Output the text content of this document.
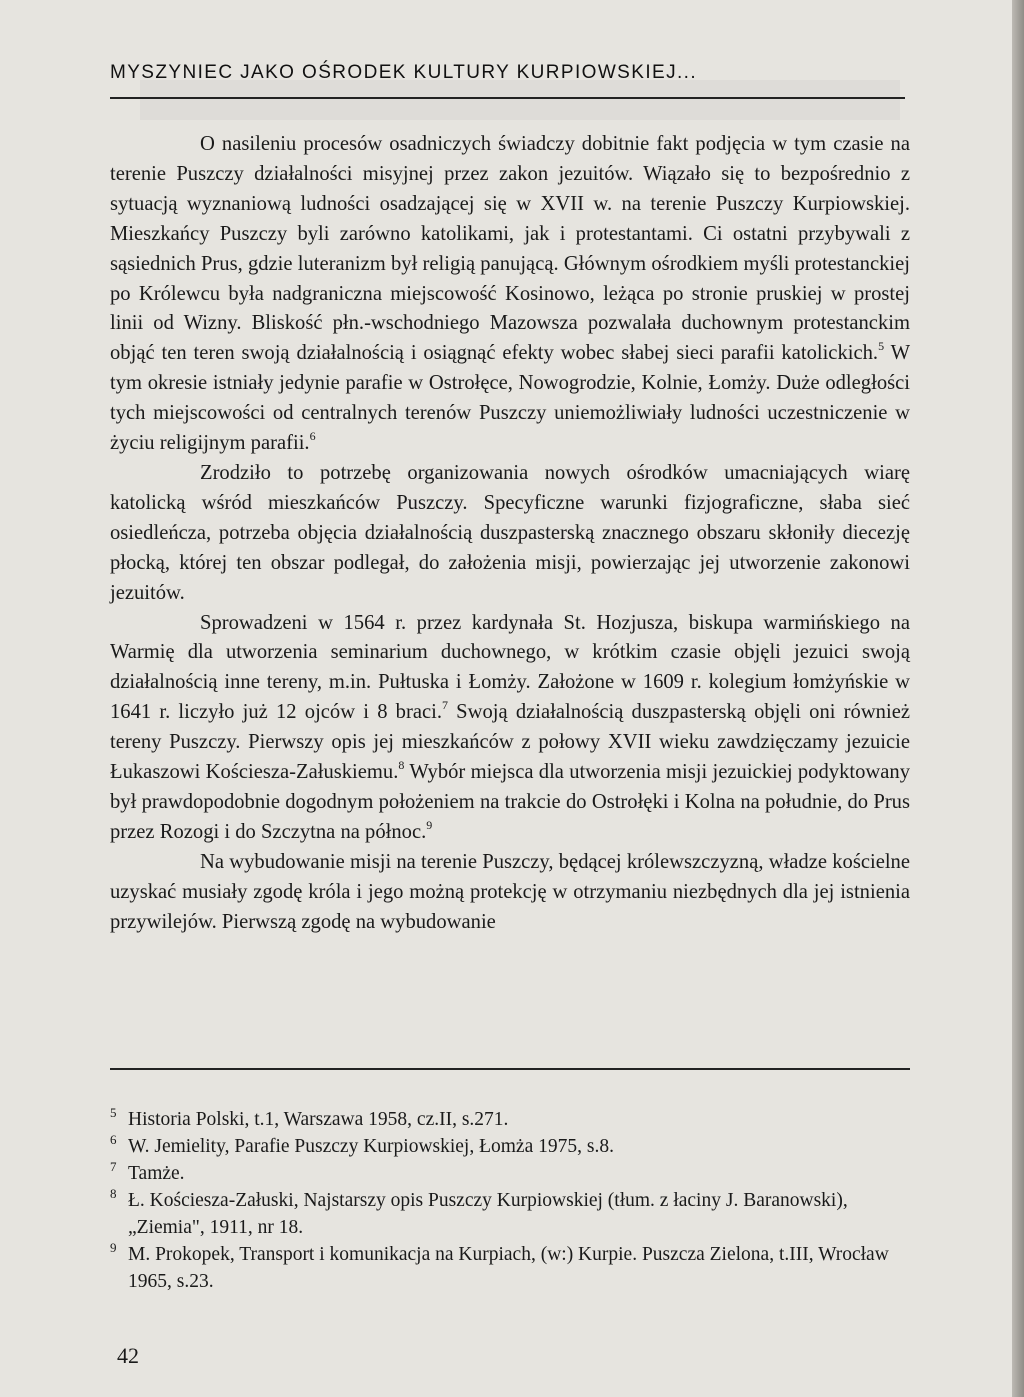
MYSZYNIEC JAKO OŚRODEK KULTURY KURPIOWSKIEJ...

O nasileniu procesów osadniczych świadczy dobitnie fakt podjęcia w tym czasie na terenie Puszczy działalności misyjnej przez zakon jezuitów. Wiązało się to bezpośrednio z sytuacją wyznaniową ludności osadzającej się w XVII w. na terenie Puszczy Kurpiowskiej. Mieszkańcy Puszczy byli zarówno katolikami, jak i protestantami. Ci ostatni przybywali z sąsiednich Prus, gdzie luteranizm był religią panującą. Głównym ośrodkiem myśli protestanckiej po Królewcu była nadgraniczna miejscowość Kosinowo, leżąca po stronie pruskiej w prostej linii od Wizny. Bliskość płn.-wschodniego Mazowsza pozwalała duchownym protestanckim objąć ten teren swoją działalnością i osiągnąć efekty wobec słabej sieci parafii katolickich.$^5$ W tym okresie istniały jedynie parafie w Ostrołęce, Nowogrodzie, Kolnie, Łomży. Duże odległości tych miejscowości od centralnych terenów Puszczy uniemożliwiały ludności uczestniczenie w życiu religijnym parafii.$^6$

Zrodziło to potrzebę organizowania nowych ośrodków umacniających wiarę katolicką wśród mieszkańców Puszczy. Specyficzne warunki fizjograficzne, słaba sieć osiedleńcza, potrzeba objęcia działalnością duszpasterską znacznego obszaru skłoniły diecezję płocką, której ten obszar podlegał, do założenia misji, powierzając jej utworzenie zakonowi jezuitów.

Sprowadzeni w 1564 r. przez kardynała St. Hozjusza, biskupa warmińskiego na Warmię dla utworzenia seminarium duchownego, w krótkim czasie objęli jezuici swoją działalnością inne tereny, m.in. Pułtuska i Łomży. Założone w 1609 r. kolegium łomżyńskie w 1641 r. liczyło już 12 ojców i 8 braci.$^7$ Swoją działalnością duszpasterską objęli oni również tereny Puszczy. Pierwszy opis jej mieszkańców z połowy XVII wieku zawdzięczamy jezuicie Łukaszowi Kościesza-Załuskiemu.$^8$ Wybór miejsca dla utworzenia misji jezuickiej podyktowany był prawdopodobnie dogodnym położeniem na trakcie do Ostrołęki i Kolna na południe, do Prus przez Rozogi i do Szczytna na północ.$^9$

Na wybudowanie misji na terenie Puszczy, będącej królewszczyzną, władze kościelne uzyskać musiały zgodę króla i jego możną protekcję w otrzymaniu niezbędnych dla jej istnienia przywilejów. Pierwszą zgodę na wybudowanie

5 Historia Polski, t.1, Warszawa 1958, cz.II, s.271.
6 W. Jemielity, Parafie Puszczy Kurpiowskiej, Łomża 1975, s.8.
7 Tamże.
8 Ł. Kościesza-Załuski, Najstarszy opis Puszczy Kurpiowskiej (tłum. z łaciny J. Baranowski), „Ziemia", 1911, nr 18.
9 M. Prokopek, Transport i komunikacja na Kurpiach, (w:) Kurpie. Puszcza Zielona, t.III, Wrocław 1965, s.23.
42
